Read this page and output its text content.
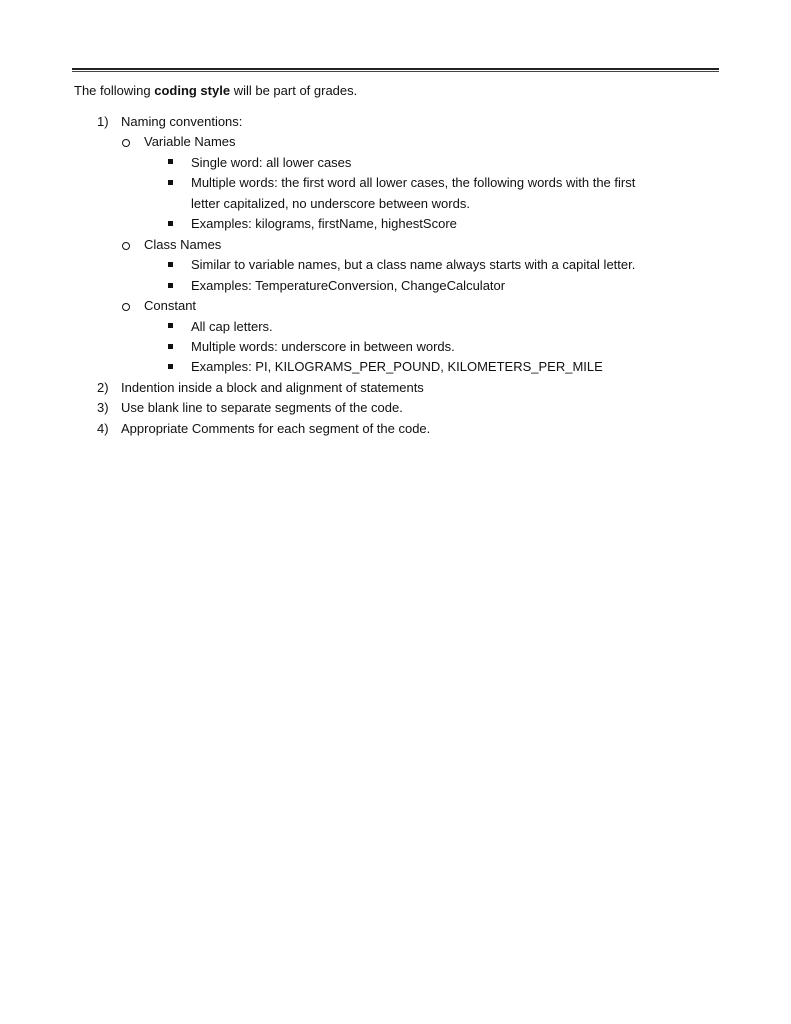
The following coding style will be part of grades.
1) Naming conventions:
Variable Names
Single word: all lower cases
Multiple words: the first word all lower cases, the following words with the first
letter capitalized, no underscore between words.
Examples: kilograms, firstName, highestScore
Class Names
Similar to variable names, but a class name always starts with a capital letter.
Examples: TemperatureConversion, ChangeCalculator
Constant
All cap letters.
Multiple words: underscore in between words.
Examples: PI, KILOGRAMS_PER_POUND, KILOMETERS_PER_MILE
2) Indention inside a block and alignment of statements
3) Use blank line to separate segments of the code.
4) Appropriate Comments for each segment of the code.
